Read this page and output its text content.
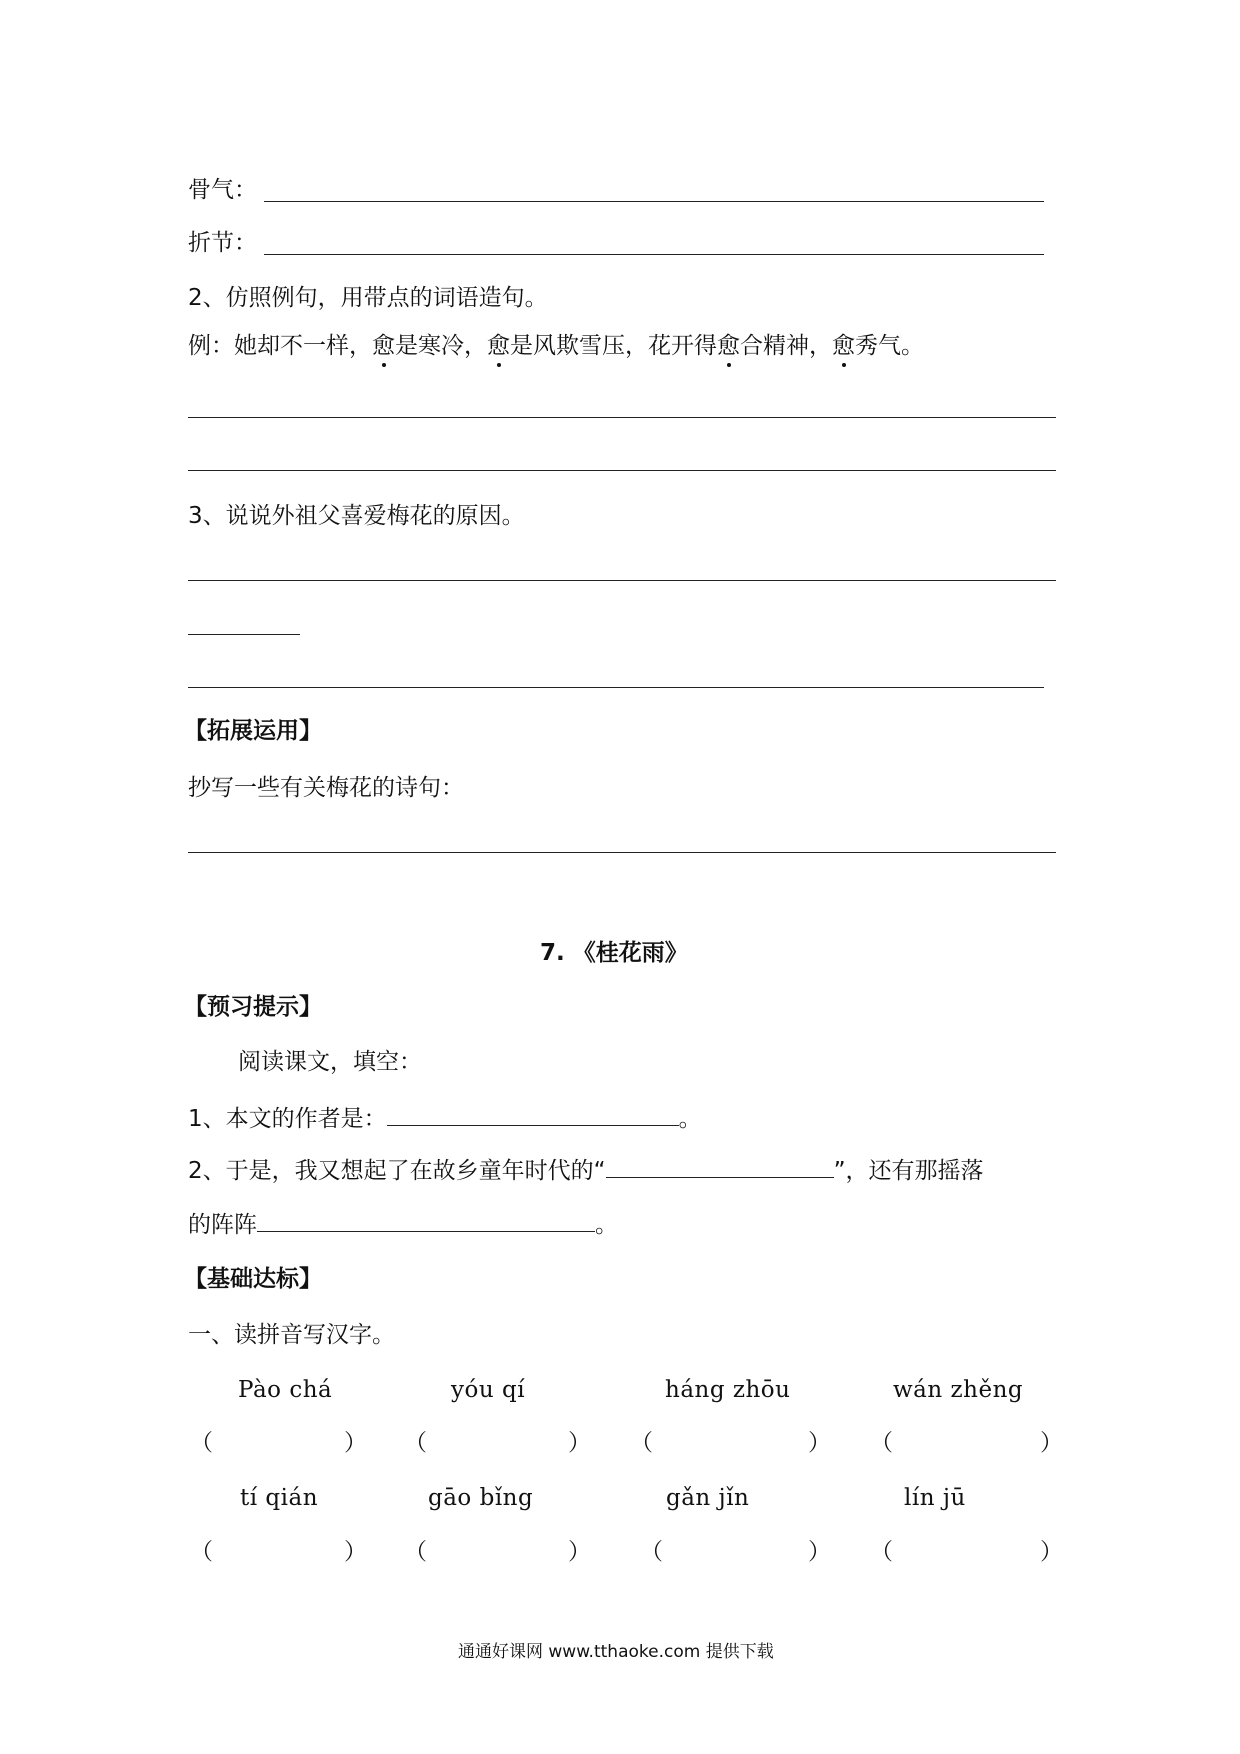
骨气：
折节：
2、仿照例句，用带点的词语造句。
例：她却不一样，愈是寒冷，愈是风欺雪压，花开得愈合精神，愈秀气。
3、说说外祖父喜爱梅花的原因。
【拓展运用】
抄写一些有关梅花的诗句：
7. 《桂花雨》
【预习提示】
阅读课文，填空：
1、本文的作者是：	。
2、于是，我又想起了在故乡童年时代的“	”，还有那摇落
的阵阵	。
【基础达标】
一、读拼音写汉字。
Pào chá	yóu qí	háng zhōu	wán zhěng
（	） （	） （	） （	）
tí qián	gāo bǐng	gǎn jǐn	lín jū
（	） （	） （	） （	）
通通好课网 www.tthaoke.com 提供下载
